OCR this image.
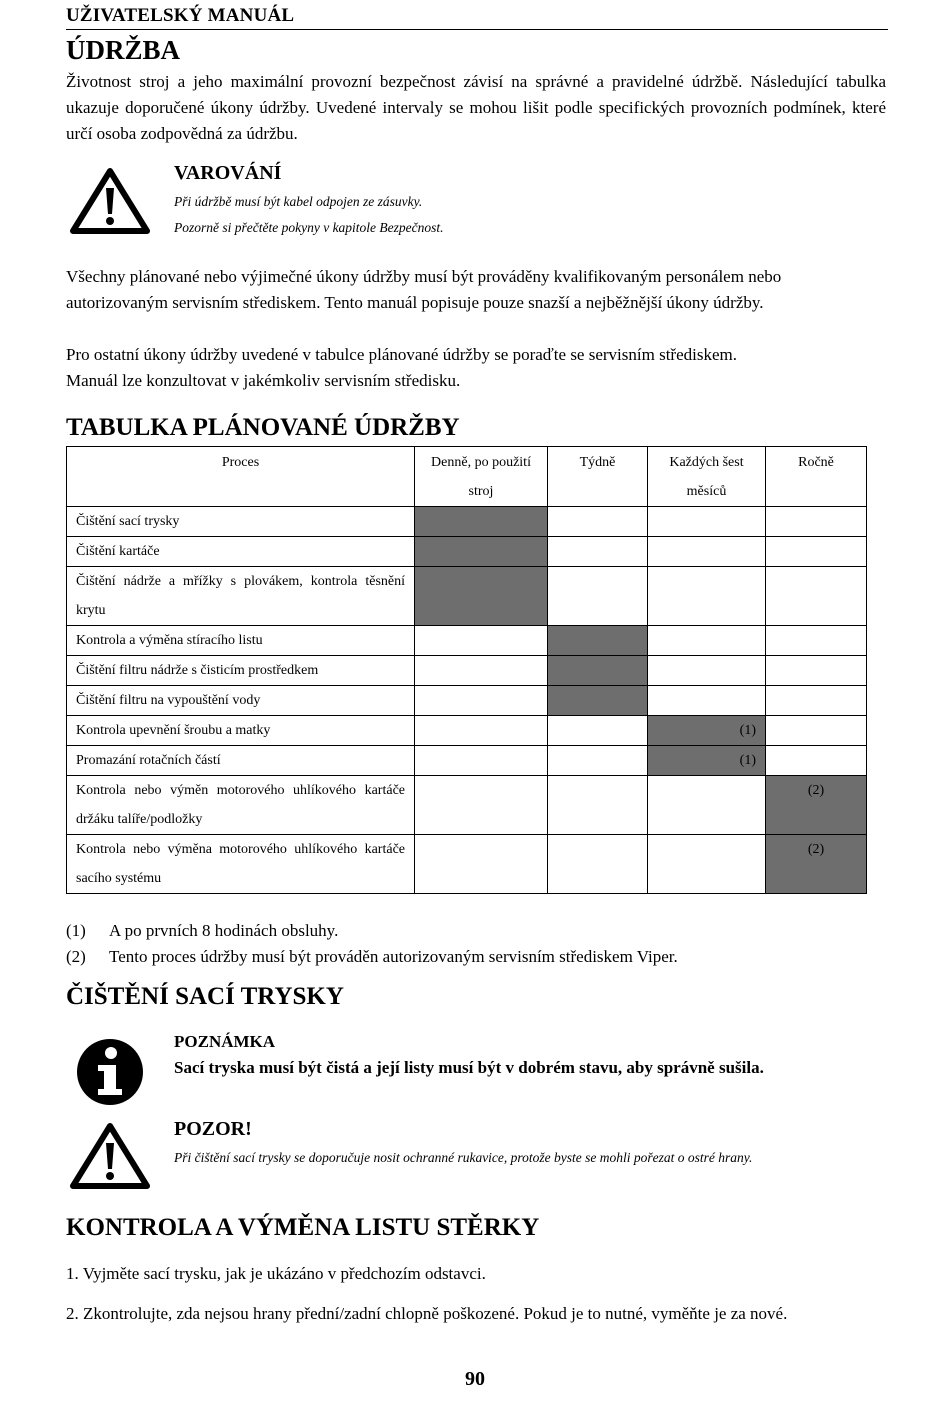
UŽIVATELSKÝ MANUÁL
ÚDRŽBA
Životnost stroj a jeho maximální provozní bezpečnost závisí na správné a pravidelné údržbě. Následující tabulka ukazuje doporučené úkony údržby. Uvedené intervaly se mohou lišit podle specifických provozních podmínek, které určí osoba zodpovědná za údržbu.
VAROVÁNÍ
Při údržbě musí být kabel odpojen ze zásuvky.
Pozorně si přečtěte pokyny v kapitole Bezpečnost.
Všechny plánované nebo výjimečné úkony údržby musí být prováděny kvalifikovaným personálem nebo autorizovaným servisním střediskem. Tento manuál popisuje pouze snazší a nejběžnější úkony údržby.
Pro ostatní úkony údržby uvedené v tabulce plánované údržby se poraďte se servisním střediskem.
Manuál lze konzultovat v jakémkoliv servisním středisku.
TABULKA PLÁNOVANÉ ÚDRŽBY
Proces	Denně, po použití stroj	Týdně	Každých šest měsíců	Ročně
Čištění sací trysky				
Čištění kartáče				
Čištění nádrže a mřížky s plovákem, kontrola těsnění krytu				
Kontrola a výměna stíracího listu				
Čištění filtru nádrže s čisticím prostředkem				
Čištění filtru na vypouštění vody				
Kontrola upevnění šroubu a matky			(1)	
Promazání rotačních částí			(1)	
Kontrola nebo výměn motorového uhlíkového kartáče držáku talíře/podložky				(2)
Kontrola nebo výměna motorového uhlíkového kartáče sacího systému				(2)
(1) A po prvních 8 hodinách obsluhy.
(2) Tento proces údržby musí být prováděn autorizovaným servisním střediskem Viper.
ČIŠTĚNÍ SACÍ TRYSKY
POZNÁMKA
Sací tryska musí být čistá a její listy musí být v dobrém stavu, aby správně sušila.
POZOR!
Při čištění sací trysky se doporučuje nosit ochranné rukavice, protože byste se mohli pořezat o ostré hrany.
KONTROLA A VÝMĚNA LISTU STĚRKY
1. Vyjměte sací trysku, jak je ukázáno v předchozím odstavci.
2. Zkontrolujte, zda nejsou hrany přední/zadní chlopně poškozené. Pokud je to nutné, vyměňte je za nové.
90
